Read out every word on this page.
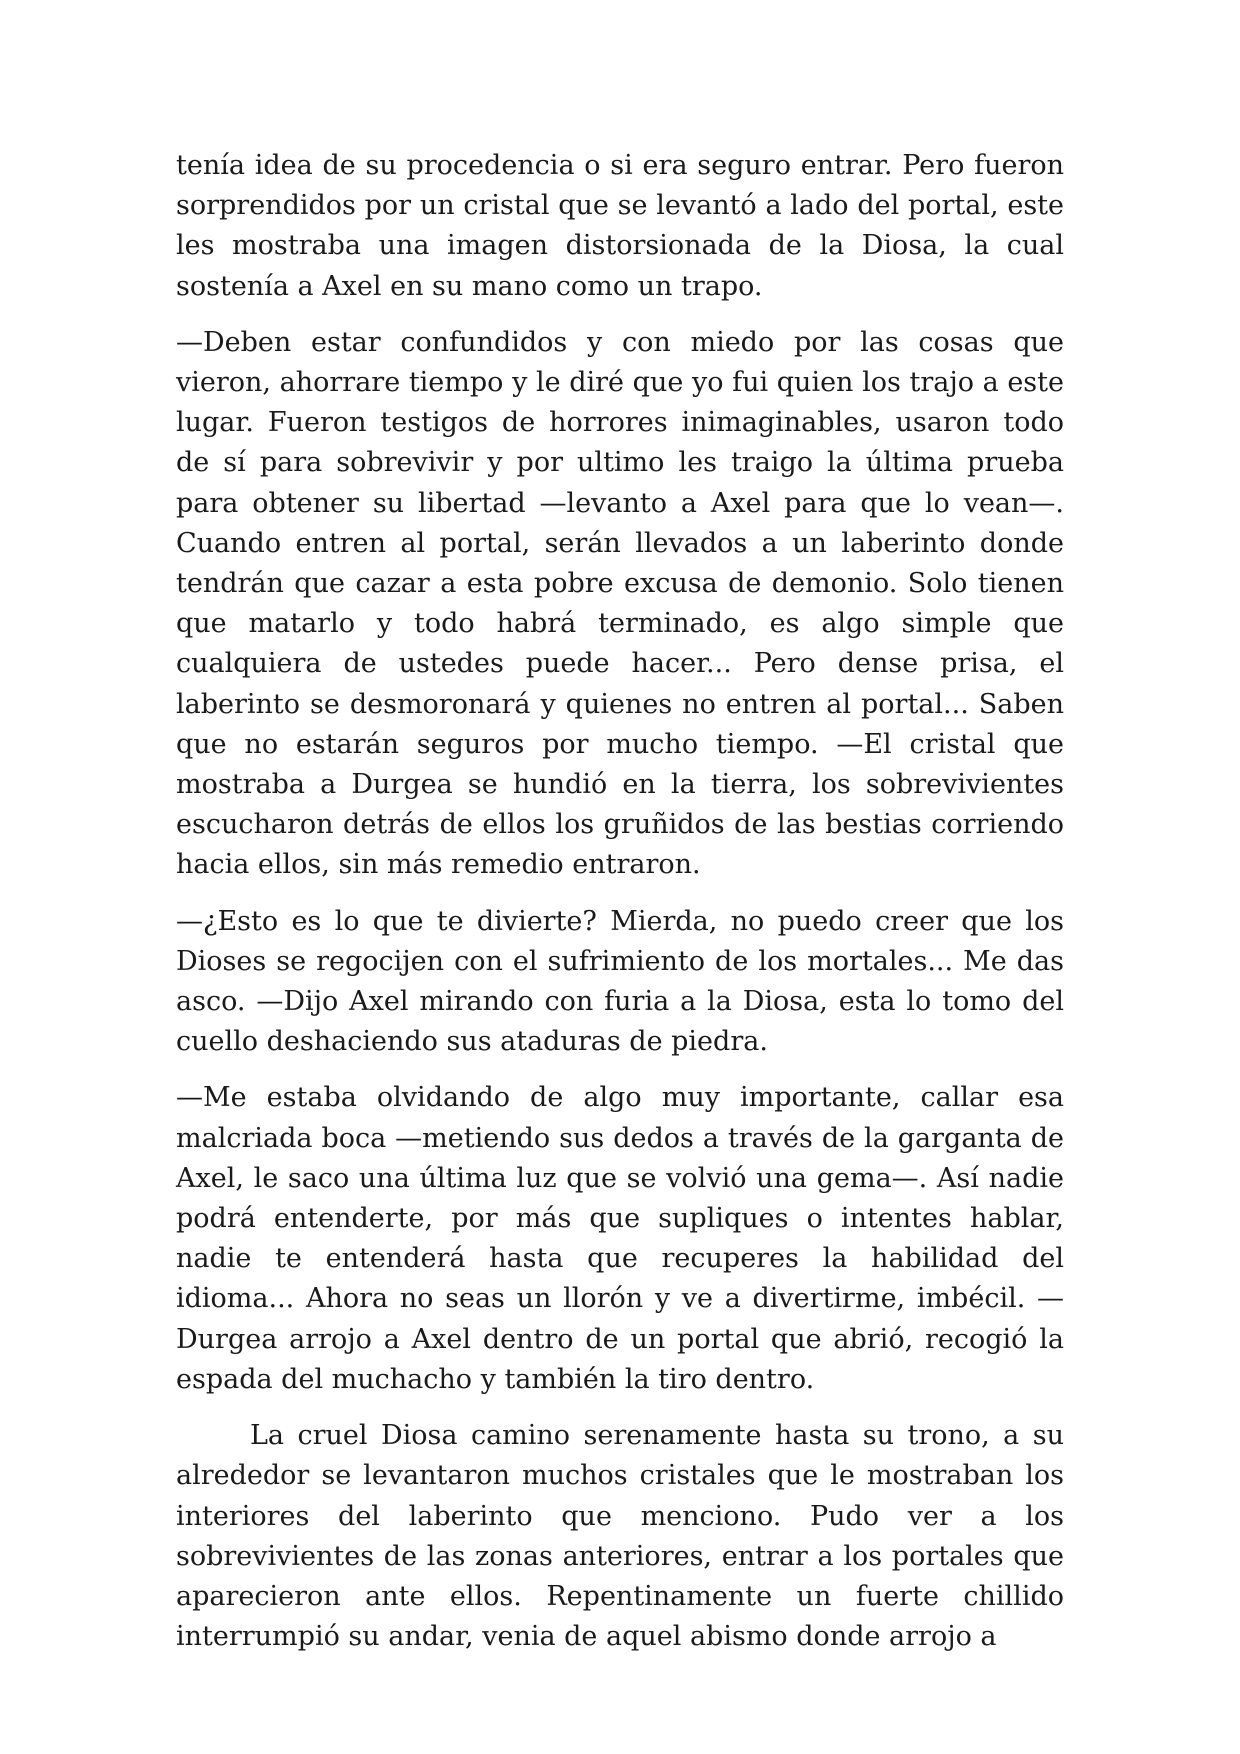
tenía idea de su procedencia o si era seguro entrar. Pero fueron sorprendidos por un cristal que se levantó a lado del portal, este les mostraba una imagen distorsionada de la Diosa, la cual sostenía a Axel en su mano como un trapo.

—Deben estar confundidos y con miedo por las cosas que vieron, ahorrare tiempo y le diré que yo fui quien los trajo a este lugar. Fueron testigos de horrores inimaginables, usaron todo de sí para sobrevivir y por ultimo les traigo la última prueba para obtener su libertad —levanto a Axel para que lo vean—. Cuando entren al portal, serán llevados a un laberinto donde tendrán que cazar a esta pobre excusa de demonio. Solo tienen que matarlo y todo habrá terminado, es algo simple que cualquiera de ustedes puede hacer... Pero dense prisa, el laberinto se desmoronará y quienes no entren al portal... Saben que no estarán seguros por mucho tiempo. —El cristal que mostraba a Durgea se hundió en la tierra, los sobrevivientes escucharon detrás de ellos los gruñidos de las bestias corriendo hacia ellos, sin más remedio entraron.

—¿Esto es lo que te divierte? Mierda, no puedo creer que los Dioses se regocijen con el sufrimiento de los mortales... Me das asco. —Dijo Axel mirando con furia a la Diosa, esta lo tomo del cuello deshaciendo sus ataduras de piedra.

—Me estaba olvidando de algo muy importante, callar esa malcriada boca —metiendo sus dedos a través de la garganta de Axel, le saco una última luz que se volvió una gema—. Así nadie podrá entenderte, por más que supliques o intentes hablar, nadie te entenderá hasta que recuperes la habilidad del idioma... Ahora no seas un llorón y ve a divertirme, imbécil. —Durgea arrojo a Axel dentro de un portal que abrió, recogió la espada del muchacho y también la tiro dentro.

La cruel Diosa camino serenamente hasta su trono, a su alrededor se levantaron muchos cristales que le mostraban los interiores del laberinto que menciono. Pudo ver a los sobrevivientes de las zonas anteriores, entrar a los portales que aparecieron ante ellos. Repentinamente un fuerte chillido interrumpió su andar, venia de aquel abismo donde arrojo a
